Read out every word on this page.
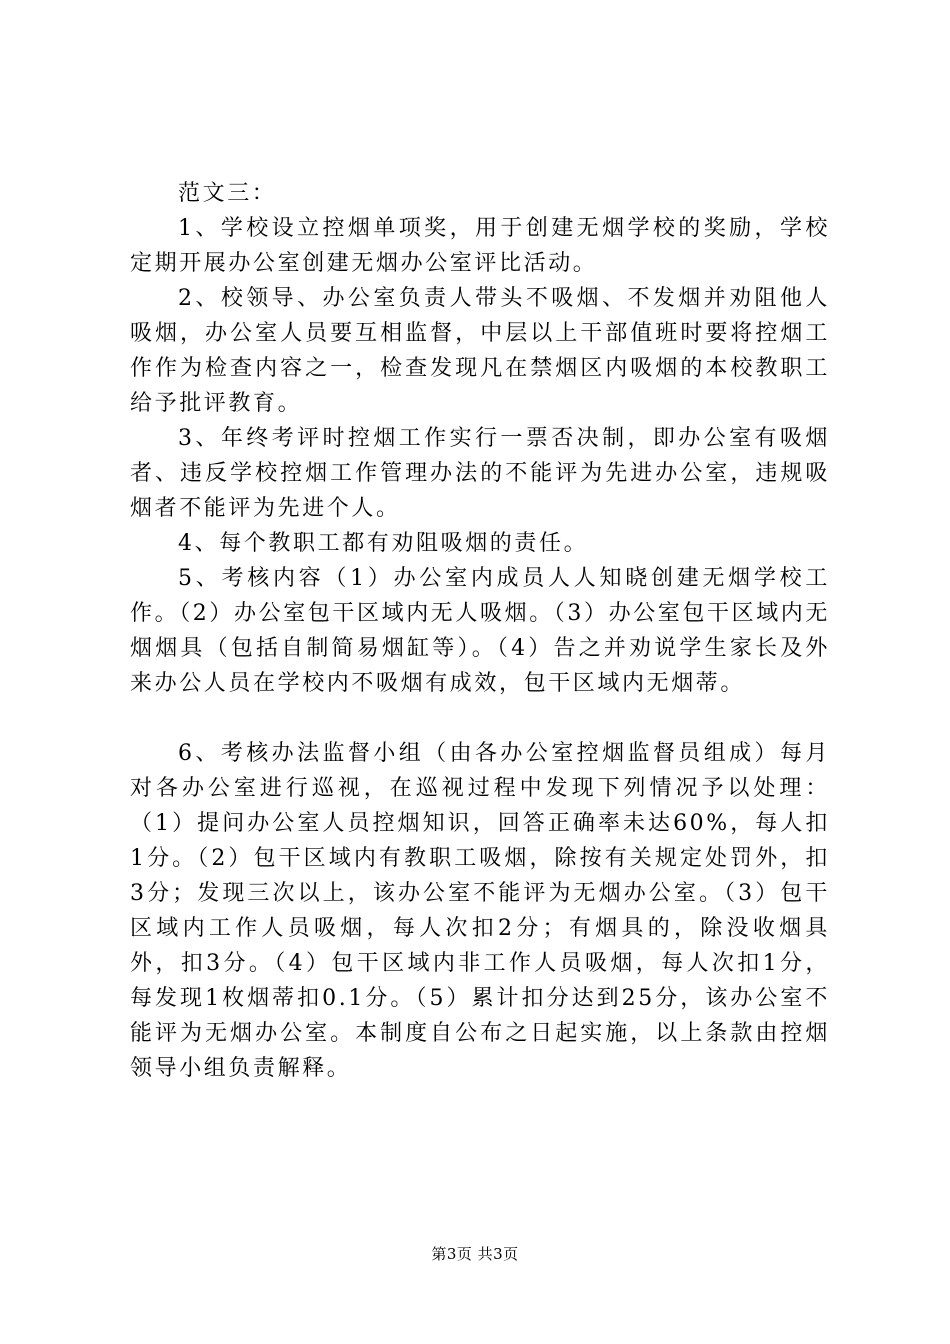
范文三：

1、学校设立控烟单项奖，用于创建无烟学校的奖励，学校定期开展办公室创建无烟办公室评比活动。

2、校领导、办公室负责人带头不吸烟、不发烟并劝阻他人吸烟，办公室人员要互相监督，中层以上干部值班时要将控烟工作作为检查内容之一，检查发现凡在禁烟区内吸烟的本校教职工给予批评教育。

3、年终考评时控烟工作实行一票否决制，即办公室有吸烟者、违反学校控烟工作管理办法的不能评为先进办公室，违规吸烟者不能评为先进个人。

4、每个教职工都有劝阻吸烟的责任。

5、考核内容（1）办公室内成员人人知晓创建无烟学校工作。（2）办公室包干区域内无人吸烟。（3）办公室包干区域内无烟烟具（包括自制简易烟缸等）。（4）告之并劝说学生家长及外来办公人员在学校内不吸烟有成效，包干区域内无烟蒂。

6、考核办法监督小组（由各办公室控烟监督员组成）每月对各办公室进行巡视，在巡视过程中发现下列情况予以处理：（1）提问办公室人员控烟知识，回答正确率未达60%，每人扣1分。（2）包干区域内有教职工吸烟，除按有关规定处罚外，扣3分；发现三次以上，该办公室不能评为无烟办公室。（3）包干区域内工作人员吸烟，每人次扣2分；有烟具的，除没收烟具外，扣3分。（4）包干区域内非工作人员吸烟，每人次扣1分，每发现1枚烟蒂扣0.1分。（5）累计扣分达到25分，该办公室不能评为无烟办公室。本制度自公布之日起实施，以上条款由控烟领导小组负责解释。

第3页 共3页
